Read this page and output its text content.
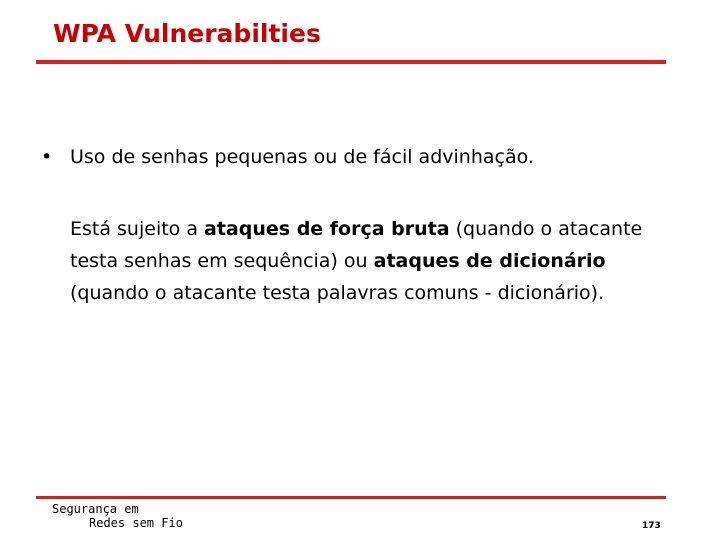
WPA Vulnerabilties
• Uso de senhas pequenas ou de fácil advinhação.

Está sujeito a ataques de força bruta (quando o atacante testa senhas em sequência) ou ataques de dicionário (quando o atacante testa palavras comuns - dicionário).

Segurança em
Redes sem Fio	173
